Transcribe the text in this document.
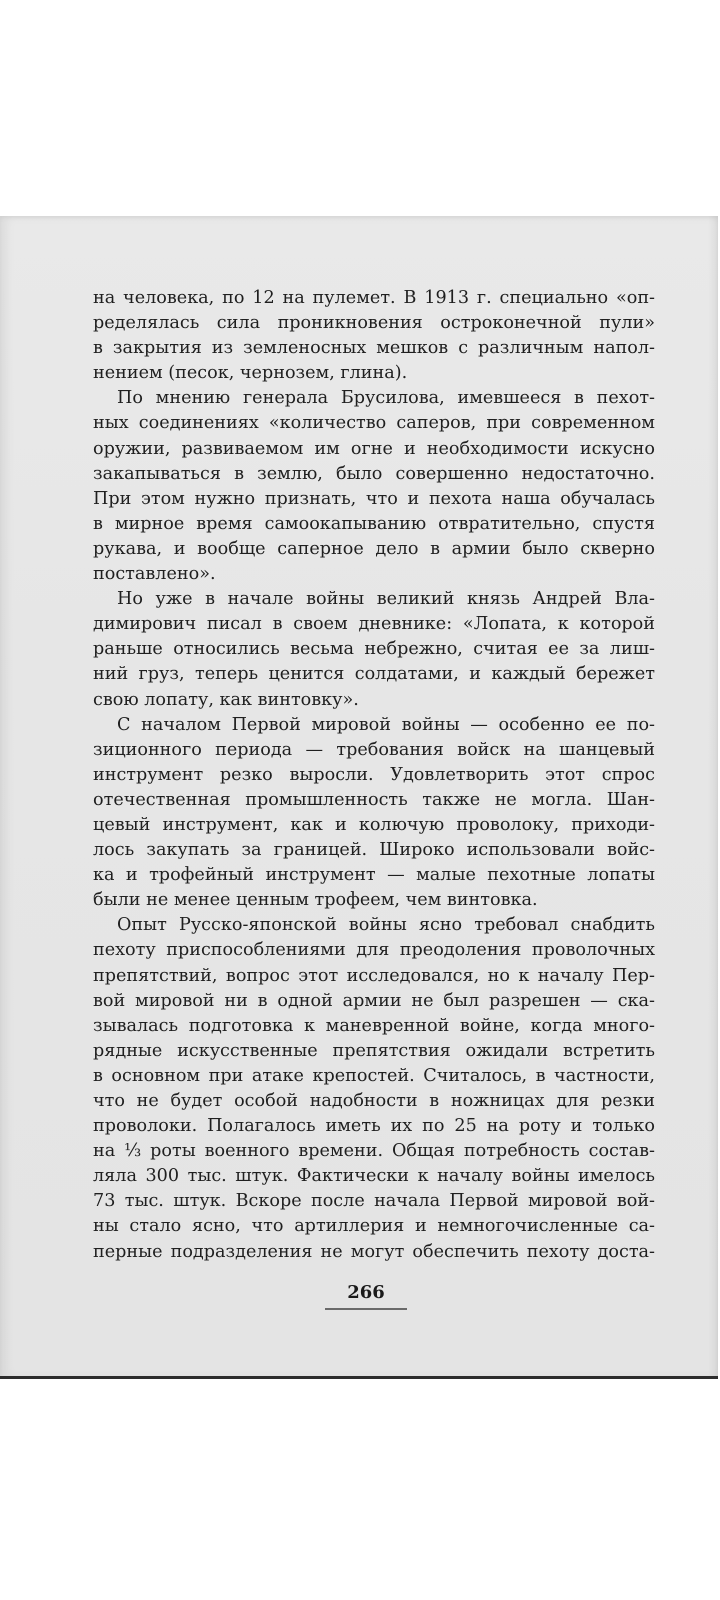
на человека, по 12 на пулемет. В 1913 г. специально «оп-
ределялась сила проникновения остроконечной пули»
в закрытия из земленосных мешков с различным напол-
нением (песок, чернозем, глина).
По мнению генерала Брусилова, имевшееся в пехот-
ных соединениях «количество саперов, при современном
оружии, развиваемом им огне и необходимости искусно
закапываться в землю, было совершенно недостаточно.
При этом нужно признать, что и пехота наша обучалась
в мирное время самоокапыванию отвратительно, спустя
рукава, и вообще саперное дело в армии было скверно
поставлено».
Но уже в начале войны великий князь Андрей Вла-
димирович писал в своем дневнике: «Лопата, к которой
раньше относились весьма небрежно, считая ее за лиш-
ний груз, теперь ценится солдатами, и каждый бережет
свою лопату, как винтовку».
С началом Первой мировой войны — особенно ее по-
зиционного периода — требования войск на шанцевый
инструмент резко выросли. Удовлетворить этот спрос
отечественная промышленность также не могла. Шан-
цевый инструмент, как и колючую проволоку, приходи-
лось закупать за границей. Широко использовали войс-
ка и трофейный инструмент — малые пехотные лопаты
были не менее ценным трофеем, чем винтовка.
Опыт Русско-японской войны ясно требовал снабдить
пехоту приспособлениями для преодоления проволочных
препятствий, вопрос этот исследовался, но к началу Пер-
вой мировой ни в одной армии не был разрешен — ска-
зывалась подготовка к маневренной войне, когда много-
рядные искусственные препятствия ожидали встретить
в основном при атаке крепостей. Считалось, в частности,
что не будет особой надобности в ножницах для резки
проволоки. Полагалось иметь их по 25 на роту и только
на ⅓ роты военного времени. Общая потребность состав-
ляла 300 тыс. штук. Фактически к началу войны имелось
73 тыс. штук. Вскоре после начала Первой мировой вой-
ны стало ясно, что артиллерия и немногочисленные са-
перные подразделения не могут обеспечить пехоту доста-
266
